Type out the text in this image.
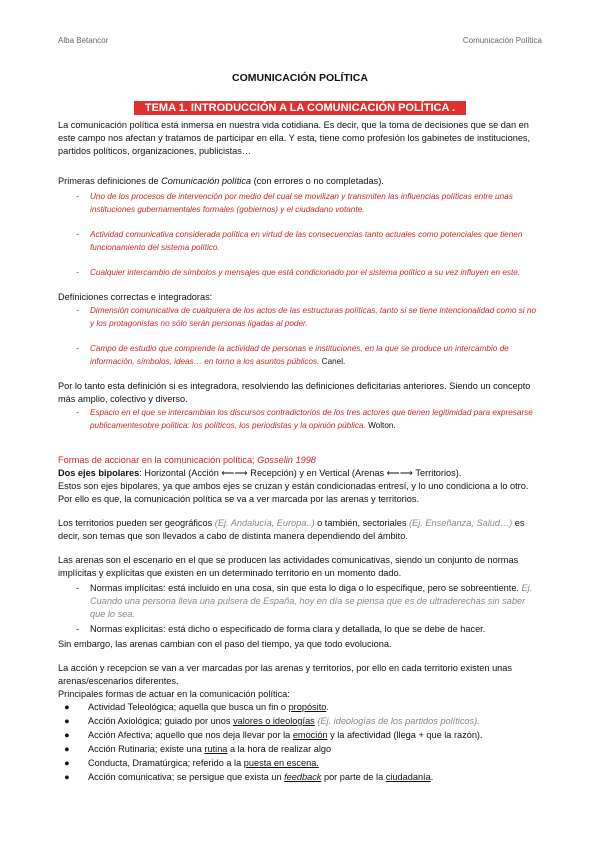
Alba Betancor	Comunicación Política
COMUNICACIÓN POLÍTICA
TEMA 1. INTRODUCCIÓN A LA COMUNICACIÓN POLÍTICA .

La comunicación política está inmersa en nuestra vida cotidiana. Es decir, que la toma de decisiones que se dan en este campo nos afectan y tratamos de participar en ella. Y esta, tiene como profesión los gabinetes de instituciones, partidos políticos, organizaciones, publicistas…

Primeras definiciones de Comunicación política (con errores o no completadas).

- Uno de los procesos de intervención por medio del cual se movilizan y transmiten las influencias políticas entre unas instituciones gubernamentales formales (gobiernos) y el ciudadano votante.
- Actividad comunicativa considerada política en virtud de las consecuencias tanto actuales como potenciales que tienen funcionamiento del sistema político.
- Cualquier intercambio de símbolos y mensajes que está condicionado por el sistema político a su vez influyen en este.

Definiciones correctas e integradoras:

- Dimensión comunicativa de cualquiera de los actos de las estructuras políticas, tanto si se tiene intencionalidad como si no y los protagonistas no sólo serán personas ligadas al poder.
- Campo de estudio que comprende la actividad de personas e instituciones, en la que se produce un intercambio de información, símbolos, ideas… en torno a los asuntos públicos. Canel.

Por lo tanto esta definición si es integradora, resolviendo las definiciones deficitarias anteriores. Siendo un concepto más amplio, colectivo y diverso.

- Espacio en el que se intercambian los discursos contradictorios de los tres actores que tienen legitimidad para expresarse publicamentesobre política: los políticos, los periodistas y la opinión pública. Wolton.

Formas de accionar en la comunicación política; Gosselin 1998

Dos ejes bipolares: Horizontal (Acción ⟵⟶ Recepción) y en Vertical (Arenas ⟵⟶ Territorios).

Estos son ejes bipolares, ya que ambos ejes se cruzan y están condicionadas entresí, y lo uno condiciona a lo otro. Por ello es que, la comunicación política se va a ver marcada por las arenas y territorios.

Los territorios pueden ser geográficos (Ej. Andalucía, Europa..) o también, sectoriales (Ej. Enseñanza, Salud…) es decir, son temas que son llevados a cabo de distinta manera dependiendo del ámbito.

Las arenas son el escenario en el que se producen las actividades comunicativas, siendo un conjunto de normas implícitas y explícitas que existen en un determinado territorio en un momento dado.

- Normas implícitas: está incluido en una cosa, sin que esta lo diga o lo especifique, pero se sobreentiente. Ej. Cuando una persona lleva una pulsera de España, hoy en día se piensa que es de ultraderechas sin saber que lo sea.
- Normas explícitas: está dicho o especificado de forma clara y detallada, lo que se debe de hacer.

Sin embargo, las arenas cambian con el paso del tiempo, ya que todo evoluciona.

La acción y recepcion se van a ver marcadas por las arenas y territorios, por ello en cada territorio existen unas arenas/escenarios diferentes.

Principales formas de actuar en la comunicación política:

● Actividad Teleológica; aquella que busca un fin o propósito.
● Acción Axiológica; guiado por unos valores o ideologías (Ej. ideologías de los partidos políticos).
● Acción Afectiva; aquello que nos deja llevar por la emoción y la afectividad (llega + que la razón).
● Acción Rutinaria; existe una rutina a la hora de realizar algo
● Conducta, Dramatúrgica; referido a la puesta en escena.
● Acción comunicativa; se persigue que exista un feedback por parte de la ciudadanía.
